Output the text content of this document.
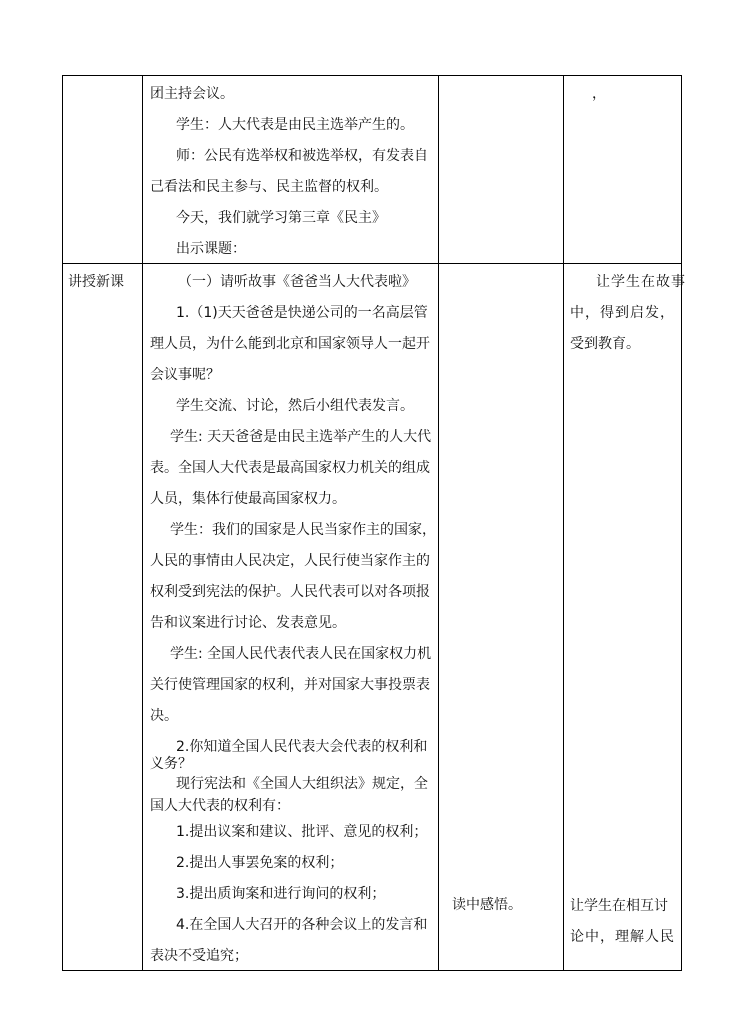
团主持会议。
学生：人大代表是由民主选举产生的。
师：公民有选举权和被选举权，有发表自
己看法和民主参与、民主监督的权利。
今天，我们就学习第三章《民主》
出示课题：
，
讲授新课	（一）请听故事《爸爸当人大代表啦》
1.（1)天天爸爸是快递公司的一名高层管
理人员，为什么能到北京和国家领导人一起开
会议事呢？
学生交流、讨论，然后小组代表发言。
学生: 天天爸爸是由民主选举产生的人大代
表。全国人大代表是最高国家权力机关的组成
人员，集体行使最高国家权力。
学生：我们的国家是人民当家作主的国家，
人民的事情由人民决定，人民行使当家作主的
权利受到宪法的保护。人民代表可以对各项报
告和议案进行讨论、发表意见。
学生: 全国人民代表代表人民在国家权力机
关行使管理国家的权利，并对国家大事投票表
决。
2.你知道全国人民代表大会代表的权利和
义务？
现行宪法和《全国人大组织法》规定，全
国人大代表的权利有：
1.提出议案和建议、批评、意见的权利；
2.提出人事罢免案的权利；
3.提出质询案和进行询问的权利；
4.在全国人大召开的各种会议上的发言和
表决不受追究；
读中感悟。
让学生在故事
中，得到启发，
受到教育。
让学生在相互讨
论中，理解人民
